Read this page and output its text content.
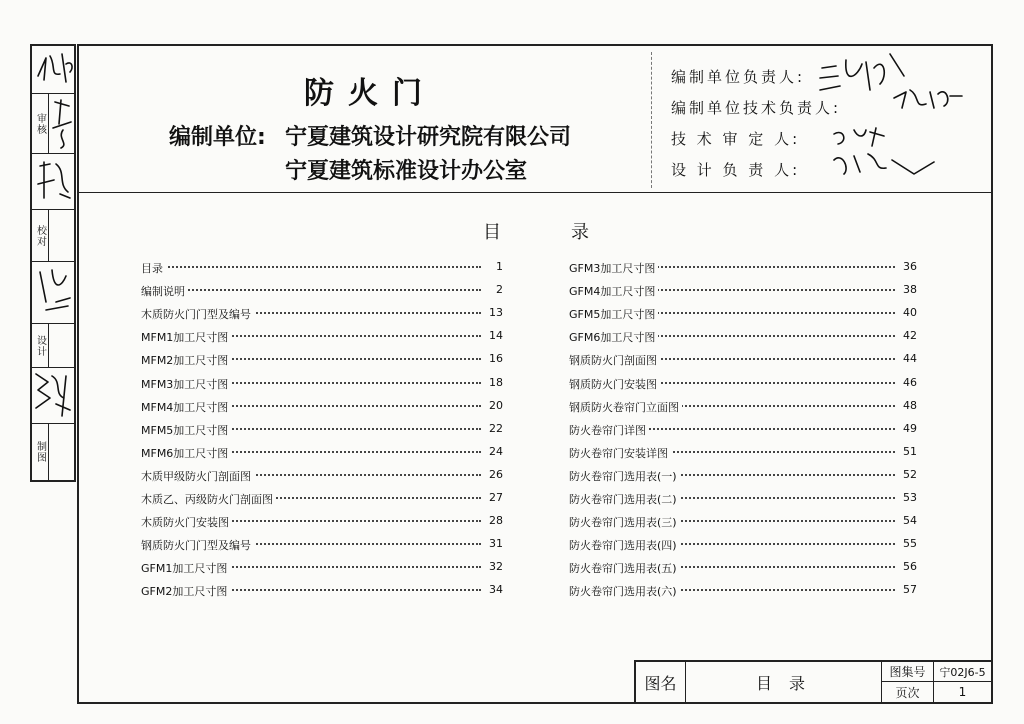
审核
校对
设计
制图
防火门
编制单位: 宁夏建筑设计研究院有限公司
宁夏建筑标准设计办公室
编制单位负责人:
编制单位技术负责人:
技 术 审 定 人:
设 计 负 责 人:
目录
目录	1
编制说明	2
木质防火门门型及编号	13
MFM1加工尺寸图	14
MFM2加工尺寸图	16
MFM3加工尺寸图	18
MFM4加工尺寸图	20
MFM5加工尺寸图	22
MFM6加工尺寸图	24
木质甲级防火门剖面图	26
木质乙、丙级防火门剖面图	27
木质防火门安装图	28
钢质防火门门型及编号	31
GFM1加工尺寸图	32
GFM2加工尺寸图	34
GFM3加工尺寸图	36
GFM4加工尺寸图	38
GFM5加工尺寸图	40
GFM6加工尺寸图	42
钢质防火门剖面图	44
钢质防火门安装图	46
钢质防火卷帘门立面图	48
防火卷帘门详图	49
防火卷帘门安装详图	51
防火卷帘门选用表(一)	52
防火卷帘门选用表(二)	53
防火卷帘门选用表(三)	54
防火卷帘门选用表(四)	55
防火卷帘门选用表(五)	56
防火卷帘门选用表(六)	57
图名	目 录
图集号	宁02J6-5
页次	1
